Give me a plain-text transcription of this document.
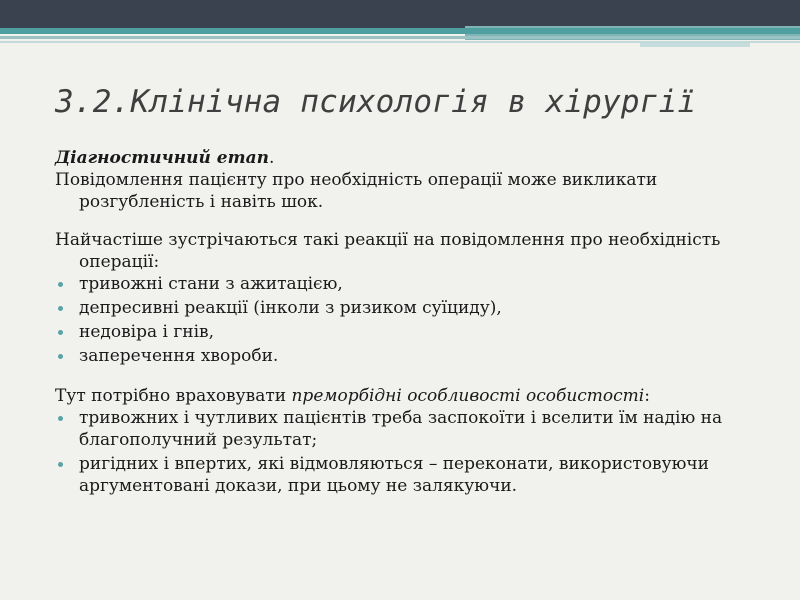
3.2.Клінічна психологія в хірургії

Діагностичний етап.

Повідомлення пацієнту про необхідність операції може викликати розгубленість і навіть шок.

Найчастіше зустрічаються такі реакції на повідомлення про необхідність операції:

тривожні стани з ажитацією,
депресивні реакції (інколи з ризиком суїциду),
недовіра і гнів,
заперечення хвороби.

Тут потрібно враховувати преморбідні особливості особистості:

тривожних і чутливих пацієнтів треба заспокоїти і вселити їм надію на благополучний результат;
ригідних і впертих, які відмовляються – переконати, використовуючи аргументовані докази, при цьому не залякуючи.
